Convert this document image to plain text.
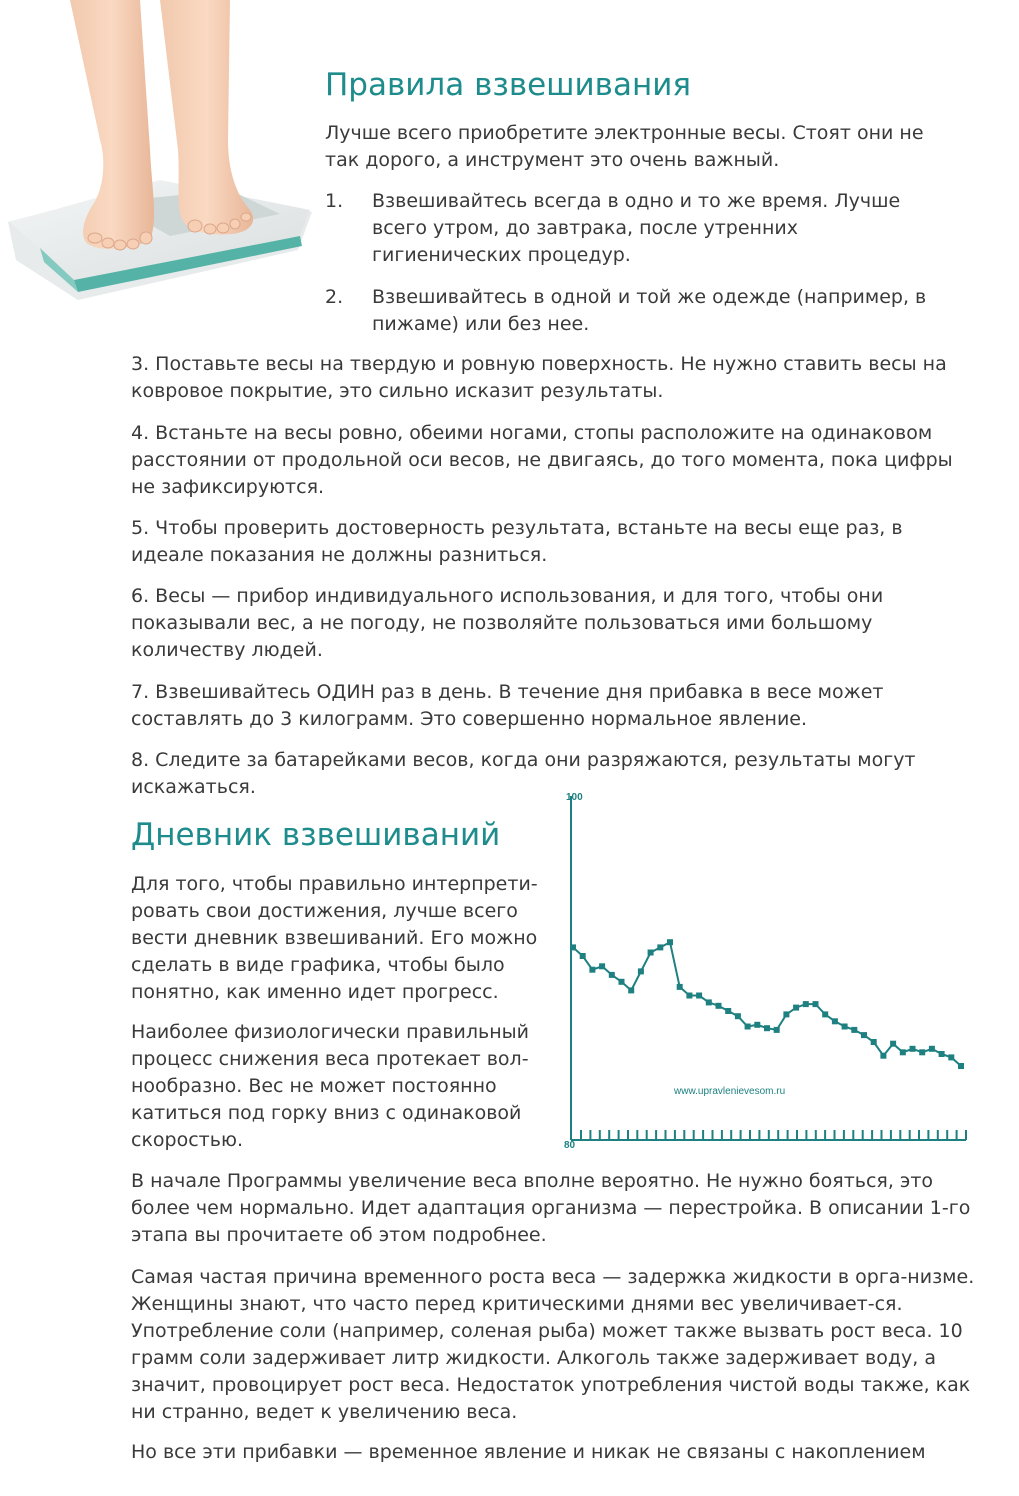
Правила взвешивания

Лучше всего приобретите электронные весы. Стоят они не так дорого, а инструмент это очень важный.

1. Взвешивайтесь всегда в одно и то же время. Лучше всего утром, до завтрака, после утренних гигиенических процедур.

2. Взвешивайтесь в одной и той же одежде (например, в пижаме) или без нее.

3. Поставьте весы на твердую и ровную поверхность. Не нужно ставить весы на ковровое покрытие, это сильно исказит результаты.

4. Встаньте на весы ровно, обеими ногами, стопы расположите на одинаковом расстоянии от продольной оси весов, не двигаясь, до того момента, пока цифры не зафиксируются.

5. Чтобы проверить достоверность результата, встаньте на весы еще раз, в идеале показания не должны разниться.

6. Весы — прибор индивидуального использования, и для того, чтобы они показывали вес, а не погоду, не позволяйте пользоваться ими большому количеству людей.

7. Взвешивайтесь ОДИН раз в день. В течение дня прибавка в весе может составлять до 3 килограмм. Это совершенно нормальное явление.

8. Следите за батарейками весов, когда они разряжаются, результаты могут искажаться.

Дневник взвешиваний

Для того, чтобы правильно интерпрети-ровать свои достижения, лучше всего вести дневник взвешиваний. Его можно сделать в виде графика, чтобы было понятно, как именно идет прогресс.

Наиболее физиологически правильный процесс снижения веса протекает вол-нообразно. Вес не может постоянно катиться под горку вниз с одинаковой скоростью.

100
80
www.upravlenievesom.ru

В начале Программы увеличение веса вполне вероятно. Не нужно бояться, это более чем нормально. Идет адаптация организма — перестройка. В описании 1-го этапа вы прочитаете об этом подробнее.

Самая частая причина временного роста веса — задержка жидкости в орга-низме. Женщины знают, что часто перед критическими днями вес увеличивает-ся. Употребление соли (например, соленая рыба) может также вызвать рост веса. 10 грамм соли задерживает литр жидкости. Алкоголь также задерживает воду, а значит, провоцирует рост веса. Недостаток употребления чистой воды также, как ни странно, ведет к увеличению веса.

Но все эти прибавки — временное явление и никак не связаны с накоплением
